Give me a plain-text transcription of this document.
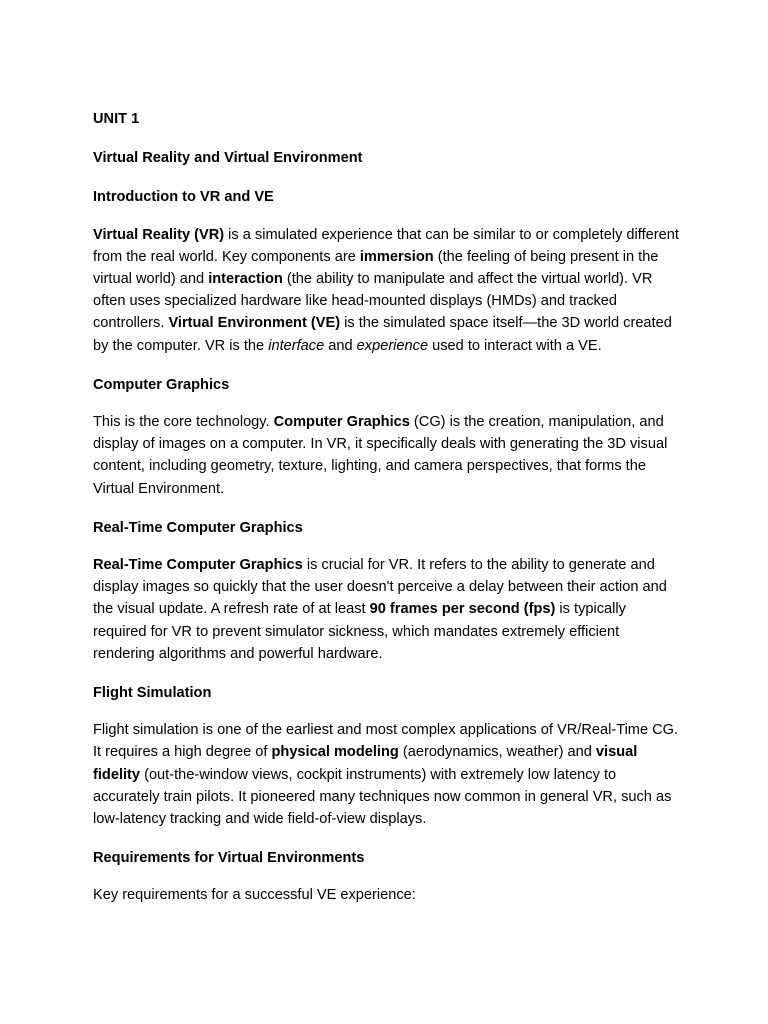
UNIT 1

Virtual Reality and Virtual Environment

Introduction to VR and VE

Virtual Reality (VR) is a simulated experience that can be similar to or completely different from the real world. Key components are immersion (the feeling of being present in the virtual world) and interaction (the ability to manipulate and affect the virtual world). VR often uses specialized hardware like head-mounted displays (HMDs) and tracked controllers. Virtual Environment (VE) is the simulated space itself—the 3D world created by the computer. VR is the interface and experience used to interact with a VE.

Computer Graphics

This is the core technology. Computer Graphics (CG) is the creation, manipulation, and display of images on a computer. In VR, it specifically deals with generating the 3D visual content, including geometry, texture, lighting, and camera perspectives, that forms the Virtual Environment.

Real-Time Computer Graphics

Real-Time Computer Graphics is crucial for VR. It refers to the ability to generate and display images so quickly that the user doesn't perceive a delay between their action and the visual update. A refresh rate of at least 90 frames per second (fps) is typically required for VR to prevent simulator sickness, which mandates extremely efficient rendering algorithms and powerful hardware.

Flight Simulation

Flight simulation is one of the earliest and most complex applications of VR/Real-Time CG. It requires a high degree of physical modeling (aerodynamics, weather) and visual fidelity (out-the-window views, cockpit instruments) with extremely low latency to accurately train pilots. It pioneered many techniques now common in general VR, such as low-latency tracking and wide field-of-view displays.

Requirements for Virtual Environments

Key requirements for a successful VE experience:
